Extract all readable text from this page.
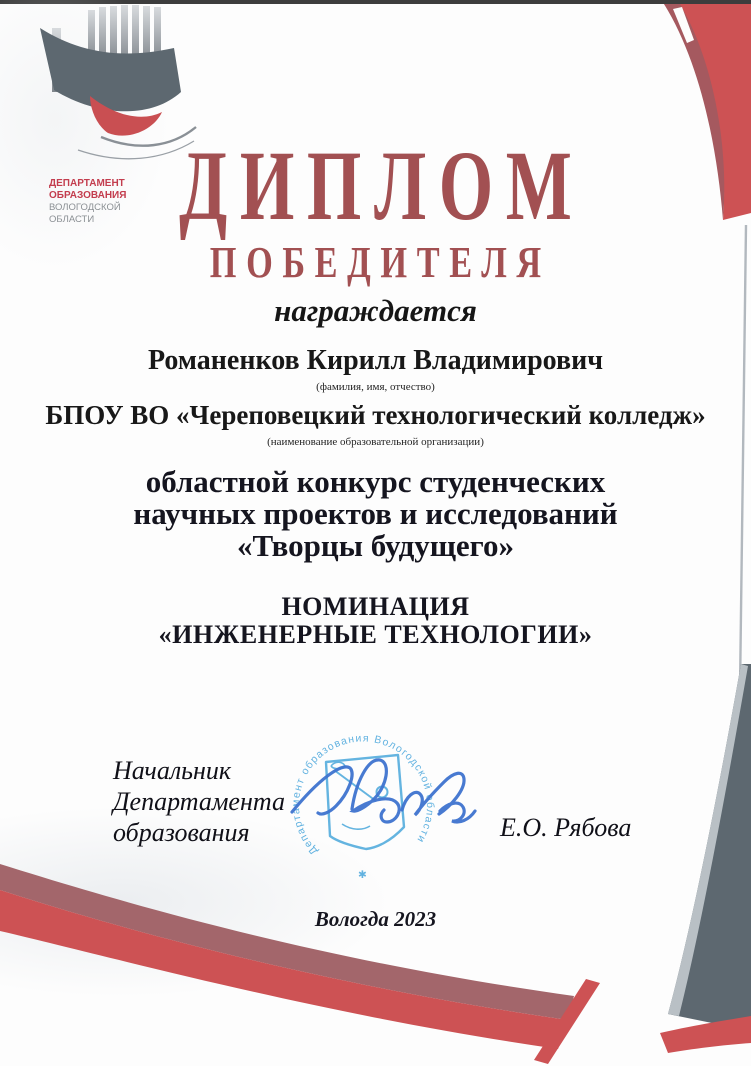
Департамент образования Вологодской области
✱
ДЕПАРТАМЕНТ
ОБРАЗОВАНИЯ
ВОЛОГОДСКОЙ
ОБЛАСТИ ДИПЛОМ
ПОБЕДИТЕЛЯ
награждается
Романенков Кирилл Владимирович
(фамилия, имя, отчество)
БПОУ ВО «Череповецкий технологический колледж»
(наименование образовательной организации)
областной конкурс студенческих
научных проектов и исследований
«Творцы будущего»
НОМИНАЦИЯ
«ИНЖЕНЕРНЫЕ ТЕХНОЛОГИИ»
Начальник
Департамента
образования	Е.О. Рябова
Вологда 2023
